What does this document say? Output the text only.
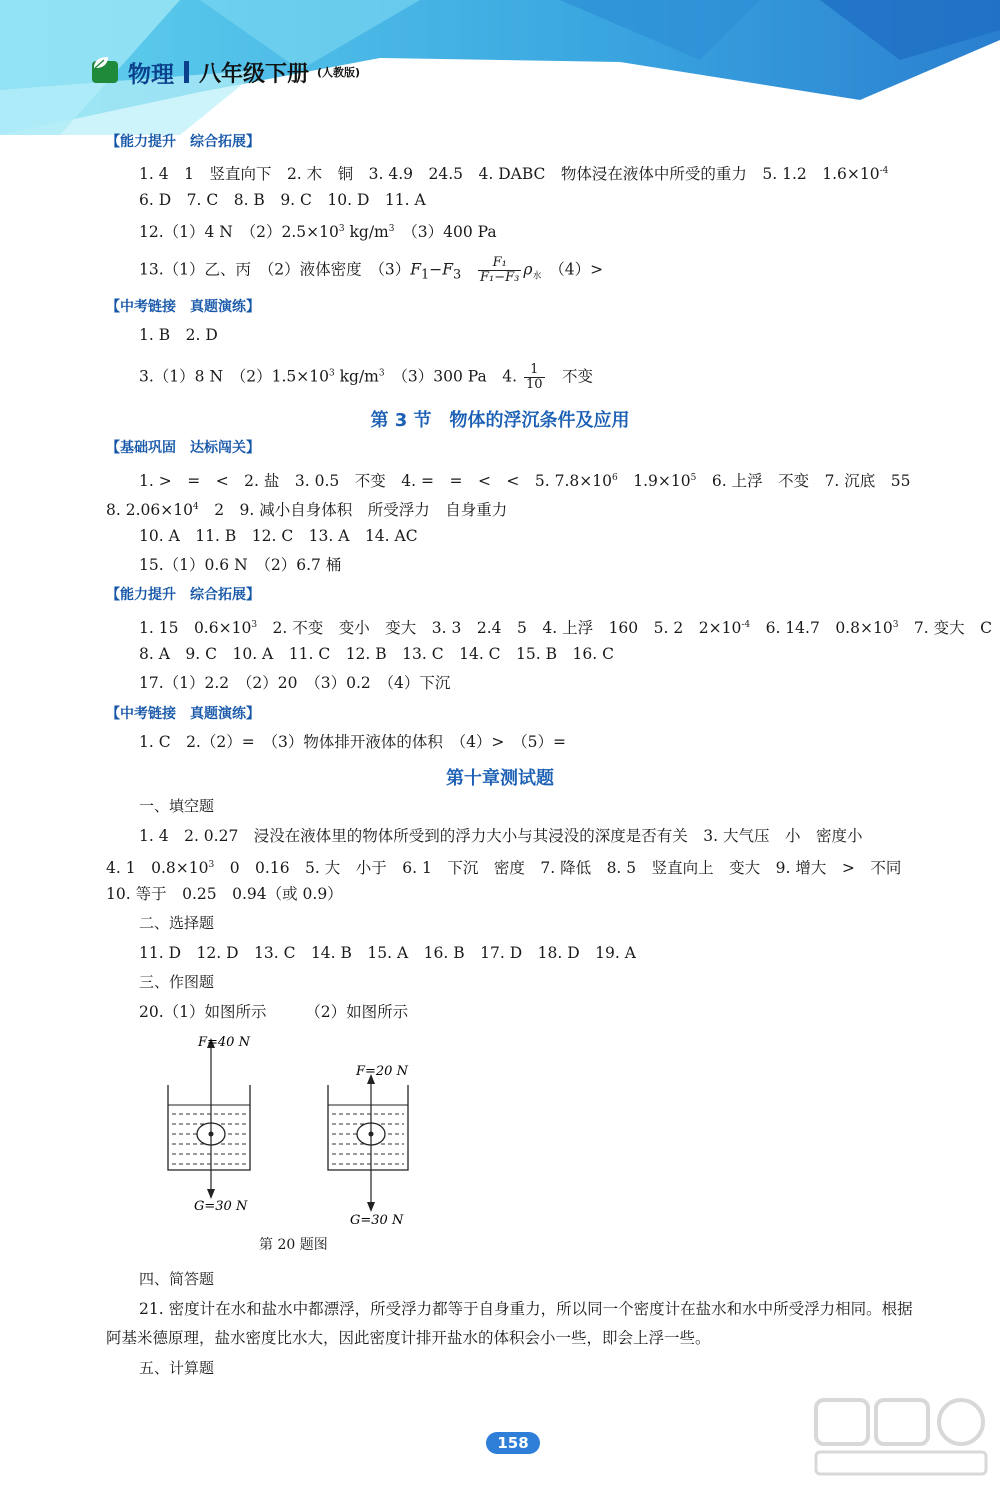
物理 八年级下册 (人教版)
【能力提升　综合拓展】
1. 4　1　竖直向下　2. 木　铜　3. 4.9　24.5　4. DABC　物体浸在液体中所受的重力　5. 1.2　$1.6\times 10^{-4}$
6. D　7. C　8. B　9. C　10. D　11. A
12.（1）4 N　$(2)2.5\times 10^3$ $kg/m^3$　（3）400 Pa
13.（1）乙、丙　（2）液体密度　$(3)F_1-F_3 \frac{\text{F₁}}{\text{F₁−F₃}} \rho_水$　（4）>
【中考链接　真题演练】
1. B　2. D
3.（1）8 N　$(2)1.5\times 10^3$ $kg/m^3$　（3）300 Pa　4. $\frac{1}{10}$ 　不变
第 3 节　物体的浮沉条件及应用
【基础巩固　达标闯关】
1. >　=　<　2. 盐　3. 0.5　不变　4. =　=　<　<　5. $7.8\times 10^6$　$1.9\times 10^5$　6. 上浮　不变　7. 沉底　55
8. $2.06\times 10^4$　2　9. 减小自身体积　所受浮力　自身重力
10. A　11. B　12. C　13. A　14. AC
15.（1）0.6 N　（2）6.7 桶
【能力提升　综合拓展】
1. 15　$0.6\times 10^3$　2. 不变　变小　变大　3. 3　2.4　5　4. 上浮　160　5. 2　$2\times 10^{-4}$　6. 14.7　$0.8\times 10^3$　7. 变大　C
8. A　9. C　10. A　11. C　12. B　13. C　14. C　15. B　16. C
17.（1）2.2　（2）20　（3）0.2　（4）下沉
【中考链接　真题演练】
1. C　2.（2）=　（3）物体排开液体的体积　（4）>　（5）=
第十章测试题
一、填空题
1. 4　2. 0.27　浸没在液体里的物体所受到的浮力大小与其浸没的深度是否有关　3. 大气压　小　密度小
4. 1　$0.8\times 10^3$　0　0.16　5. 大　小于　6. 1　下沉　密度　7. 降低　8. 5　竖直向上　变大　9. 增大　>　不同
10. 等于　0.25　0.94（或 0.9）
二、选择题
11. D　12. D　13. C　14. B　15. A　16. B　17. D　18. D　19. A
三、作图题
20.（1）如图所示　　　（2）如图所示
F=40 N
G=30 N
F=20 N
G=30 N
第 20 题图
四、简答题
21. 密度计在水和盐水中都漂浮，所受浮力都等于自身重力，所以同一个密度计在盐水和水中所受浮力相同。根据阿基米德原理，盐水密度比水大，因此密度计排开盐水的体积会小一些，即会上浮一些。
五、计算题
158
